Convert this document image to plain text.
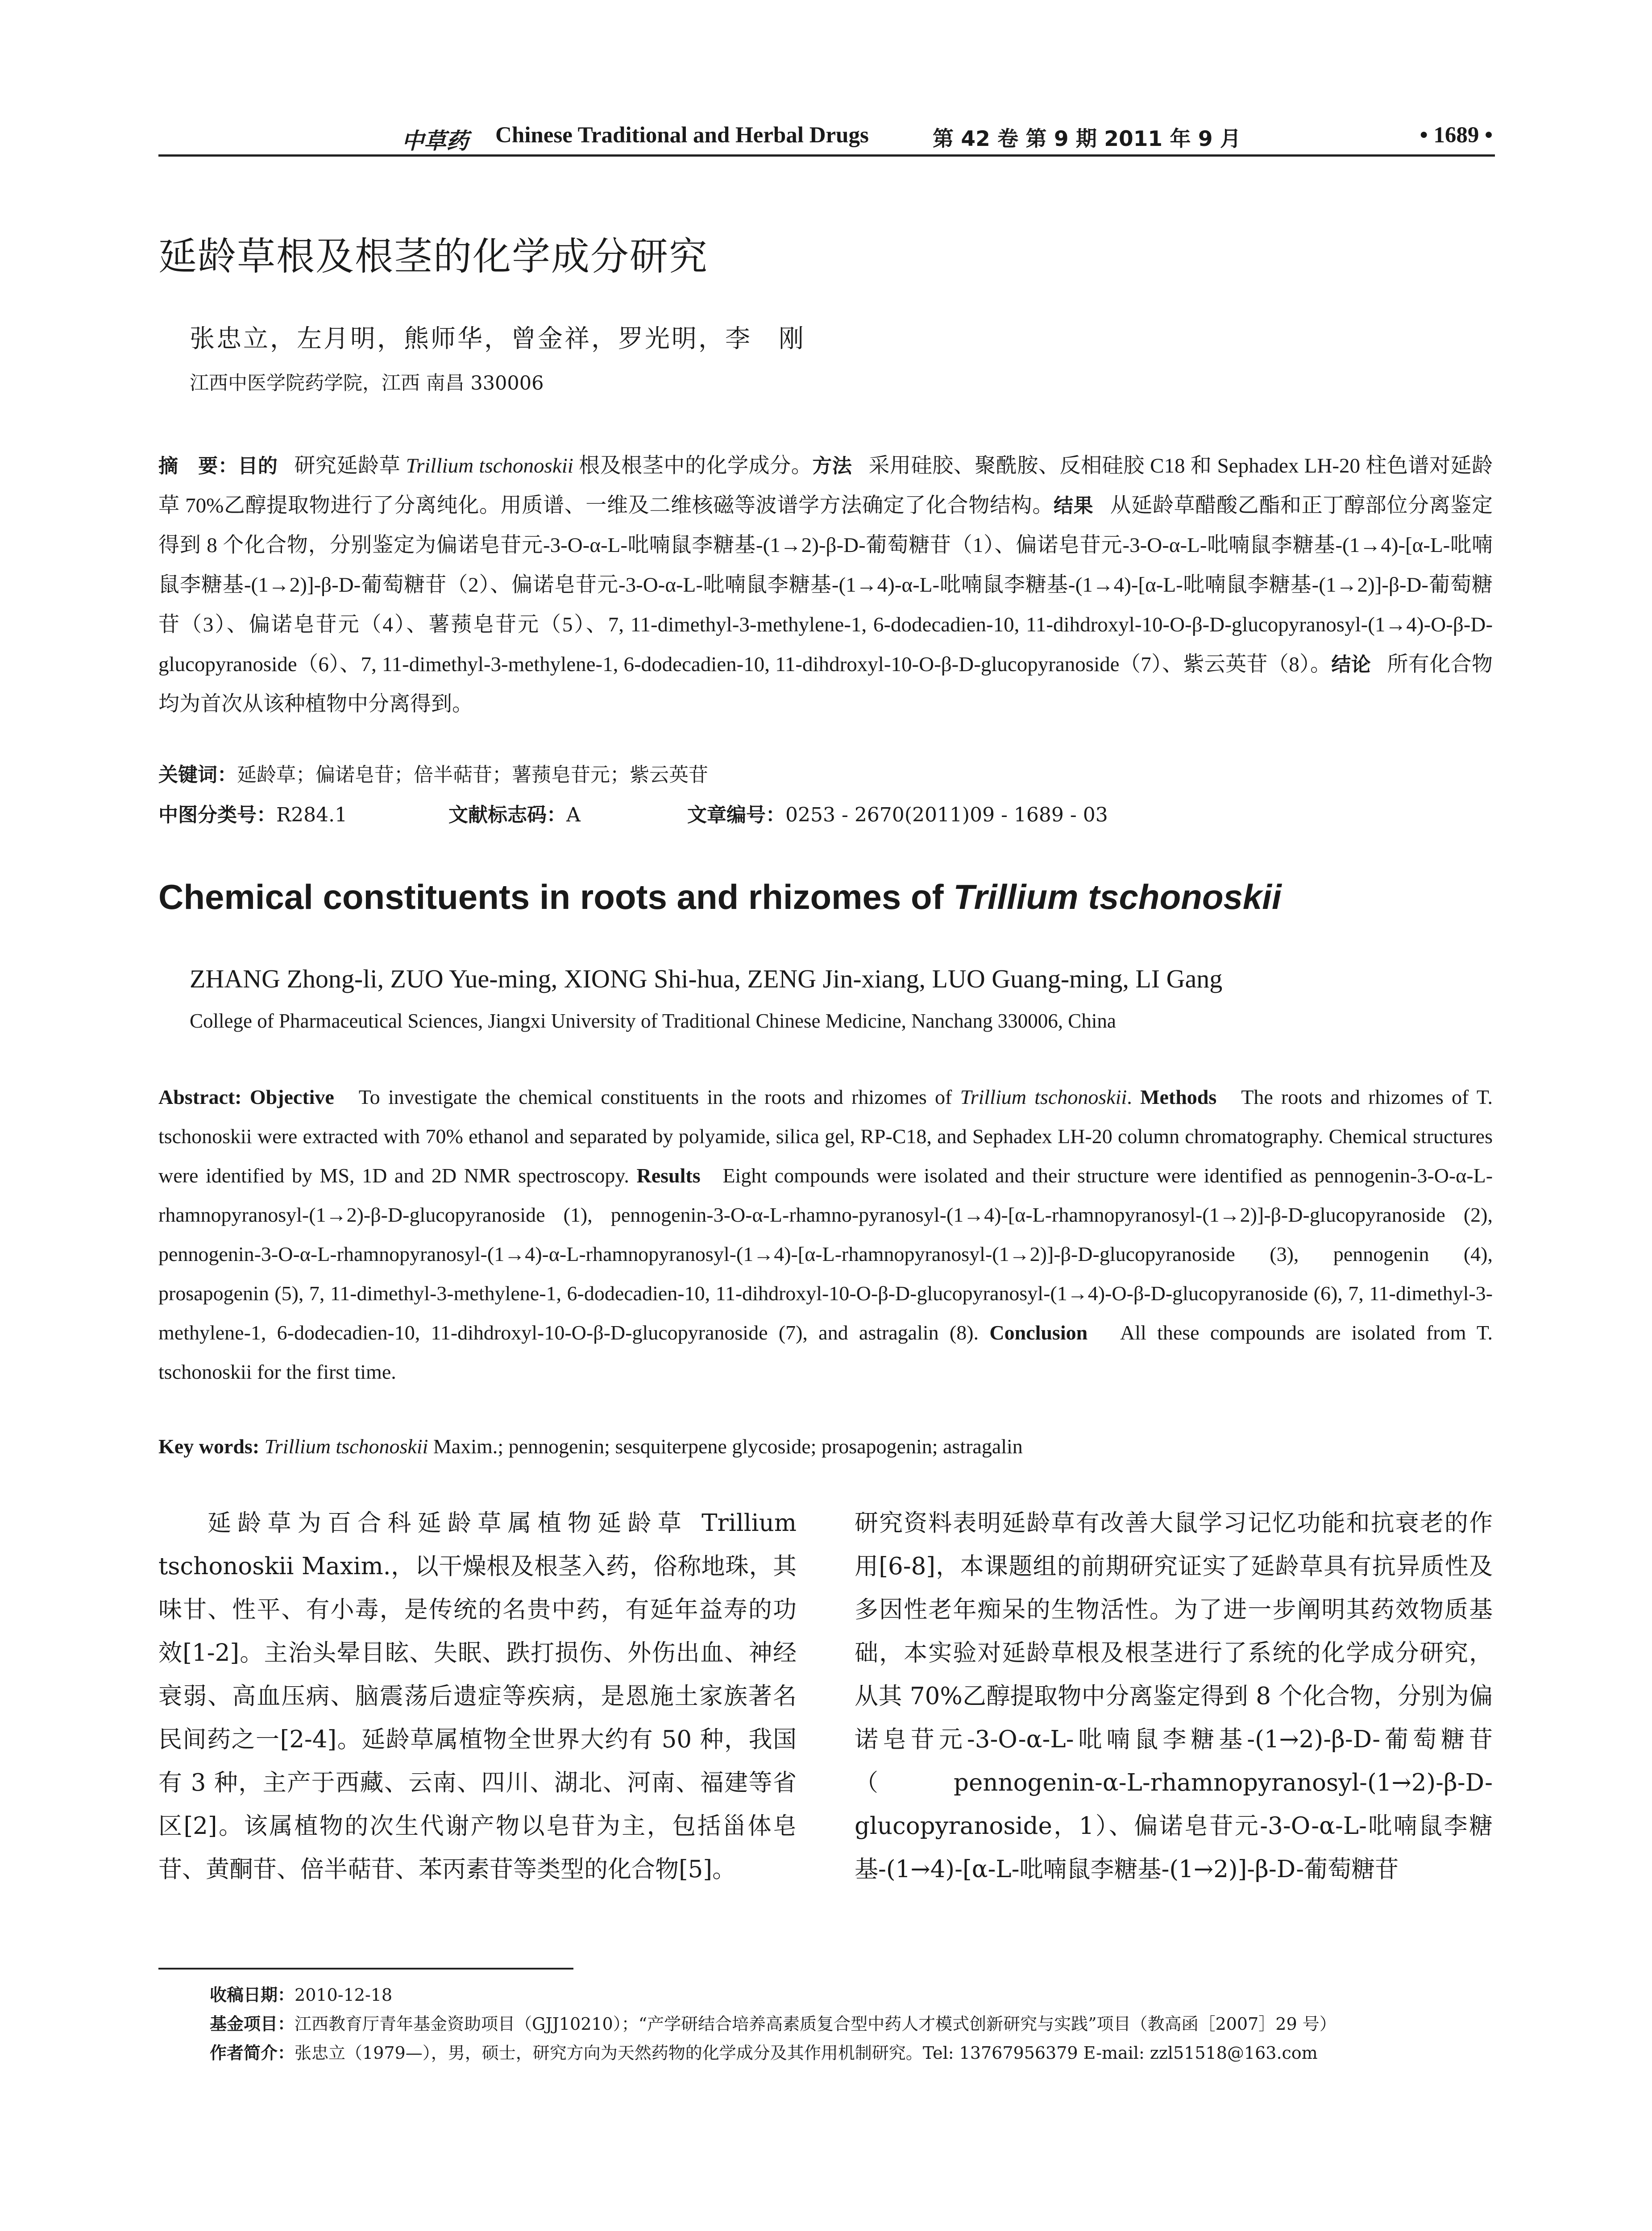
中草药 Chinese Traditional and Herbal Drugs	第 42 卷 第 9 期 2011 年 9 月	• 1689 •
延龄草根及根茎的化学成分研究
张忠立，左月明，熊师华，曾金祥，罗光明，李　刚
江西中医学院药学院，江西 南昌 330006
摘　要：目的 研究延龄草 Trillium tschonoskii 根及根茎中的化学成分。方法 采用硅胶、聚酰胺、反相硅胶 C18 和 Sephadex LH-20 柱色谱对延龄草 70%乙醇提取物进行了分离纯化。用质谱、一维及二维核磁等波谱学方法确定了化合物结构。结果 从延龄草醋酸乙酯和正丁醇部位分离鉴定得到 8 个化合物，分别鉴定为偏诺皂苷元-3-O-α-L-吡喃鼠李糖基-(1→2)-β-D-葡萄糖苷（1）、偏诺皂苷元-3-O-α-L-吡喃鼠李糖基-(1→4)-[α-L-吡喃鼠李糖基-(1→2)]-β-D-葡萄糖苷（2）、偏诺皂苷元-3-O-α-L-吡喃鼠李糖基-(1→4)-α-L-吡喃鼠李糖基-(1→4)-[α-L-吡喃鼠李糖基-(1→2)]-β-D-葡萄糖苷（3）、偏诺皂苷元（4）、薯蓣皂苷元（5）、7, 11-dimethyl-3-methylene-1, 6-dodecadien-10, 11-dihdroxyl-10-O-β-D-glucopyranosyl-(1→4)-O-β-D-glucopyranoside（6）、7, 11-dimethyl-3-methylene-1, 6-dodecadien-10, 11-dihdroxyl-10-O-β-D-glucopyranoside（7）、紫云英苷（8）。结论 所有化合物均为首次从该种植物中分离得到。
关键词：延龄草；偏诺皂苷；倍半萜苷；薯蓣皂苷元；紫云英苷
中图分类号：R284.1	文献标志码：A	文章编号：0253 - 2670(2011)09 - 1689 - 03
Chemical constituents in roots and rhizomes of Trillium tschonoskii
ZHANG Zhong-li, ZUO Yue-ming, XIONG Shi-hua, ZENG Jin-xiang, LUO Guang-ming, LI Gang
College of Pharmaceutical Sciences, Jiangxi University of Traditional Chinese Medicine, Nanchang 330006, China
Abstract: Objective To investigate the chemical constituents in the roots and rhizomes of Trillium tschonoskii. Methods The roots and rhizomes of T. tschonoskii were extracted with 70% ethanol and separated by polyamide, silica gel, RP-C18, and Sephadex LH-20 column chromatography. Chemical structures were identified by MS, 1D and 2D NMR spectroscopy. Results Eight compounds were isolated and their structure were identified as pennogenin-3-O-α-L-rhamnopyranosyl-(1→2)-β-D-glucopyranoside (1), pennogenin-3-O-α-L-rhamno-pyranosyl-(1→4)-[α-L-rhamnopyranosyl-(1→2)]-β-D-glucopyranoside (2), pennogenin-3-O-α-L-rhamnopyranosyl-(1→4)-α-L-rhamnopyranosyl-(1→4)-[α-L-rhamnopyranosyl-(1→2)]-β-D-glucopyranoside (3), pennogenin (4), prosapogenin (5), 7, 11-dimethyl-3-methylene-1, 6-dodecadien-10, 11-dihdroxyl-10-O-β-D-glucopyranosyl-(1→4)-O-β-D-glucopyranoside (6), 7, 11-dimethyl-3-methylene-1, 6-dodecadien-10, 11-dihdroxyl-10-O-β-D-glucopyranoside (7), and astragalin (8). Conclusion All these compounds are isolated from T. tschonoskii for the first time.
Key words: Trillium tschonoskii Maxim.; pennogenin; sesquiterpene glycoside; prosapogenin; astragalin
延龄草为百合科延龄草属植物延龄草 Trillium tschonoskii Maxim.，以干燥根及根茎入药，俗称地珠，其味甘、性平、有小毒，是传统的名贵中药，有延年益寿的功效[1-2]。主治头晕目眩、失眠、跌打损伤、外伤出血、神经衰弱、高血压病、脑震荡后遗症等疾病，是恩施土家族著名民间药之一[2-4]。延龄草属植物全世界大约有 50 种，我国有 3 种，主产于西藏、云南、四川、湖北、河南、福建等省区[2]。该属植物的次生代谢产物以皂苷为主，包括甾体皂苷、黄酮苷、倍半萜苷、苯丙素苷等类型的化合物[5]。
研究资料表明延龄草有改善大鼠学习记忆功能和抗衰老的作用[6-8]，本课题组的前期研究证实了延龄草具有抗异质性及多因性老年痴呆的生物活性。为了进一步阐明其药效物质基础，本实验对延龄草根及根茎进行了系统的化学成分研究，从其 70%乙醇提取物中分离鉴定得到 8 个化合物，分别为偏诺皂苷元-3-O-α-L-吡喃鼠李糖基-(1→2)-β-D-葡萄糖苷（pennogenin-α-L-rhamnopyranosyl-(1→2)-β-D-glucopyranoside，1）、偏诺皂苷元-3-O-α-L-吡喃鼠李糖基-(1→4)-[α-L-吡喃鼠李糖基-(1→2)]-β-D-葡萄糖苷
收稿日期：2010-12-18
基金项目：江西教育厅青年基金资助项目（GJJ10210）；“产学研结合培养高素质复合型中药人才模式创新研究与实践”项目（教高函［2007］29 号）
作者简介：张忠立（1979—），男，硕士，研究方向为天然药物的化学成分及其作用机制研究。Tel: 13767956379 E-mail: zzl51518@163.com
